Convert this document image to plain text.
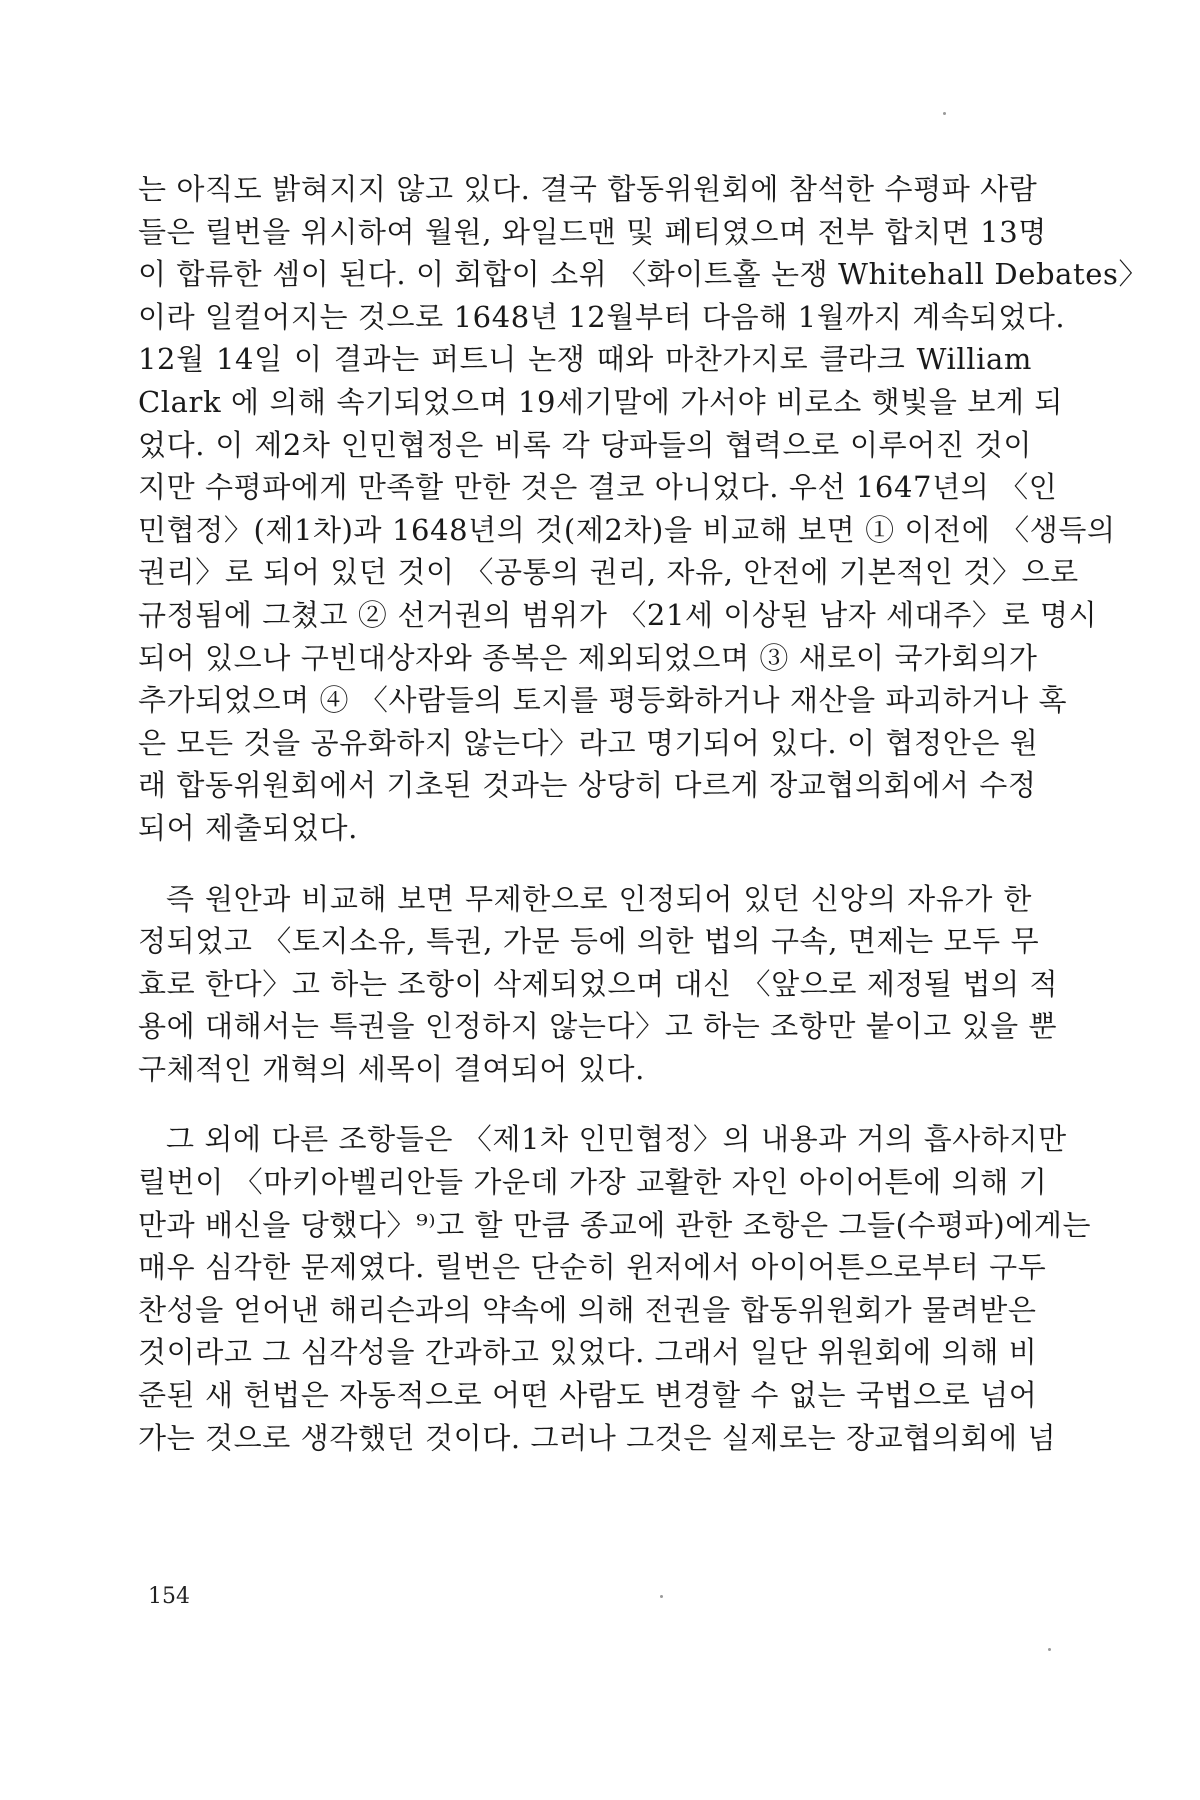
는 아직도 밝혀지지 않고 있다. 결국 합동위원회에 참석한 수평파 사람
들은 릴번을 위시하여 월원, 와일드맨 및 페티였으며 전부 합치면 13명
이 합류한 셈이 된다. 이 회합이 소위 〈화이트홀 논쟁 Whitehall Debates〉
이라 일컬어지는 것으로 1648년 12월부터 다음해 1월까지 계속되었다.
12월 14일 이 결과는 퍼트니 논쟁 때와 마찬가지로 클라크 William
Clark 에 의해 속기되었으며 19세기말에 가서야 비로소 햇빛을 보게 되
었다. 이 제2차 인민협정은 비록 각 당파들의 협력으로 이루어진 것이
지만 수평파에게 만족할 만한 것은 결코 아니었다. 우선 1647년의 〈인
민협정〉(제1차)과 1648년의 것(제2차)을 비교해 보면 ① 이전에 〈생득의
권리〉로 되어 있던 것이 〈공통의 권리, 자유, 안전에 기본적인 것〉으로
규정됨에 그쳤고 ② 선거권의 범위가 〈21세 이상된 남자 세대주〉로 명시
되어 있으나 구빈대상자와 종복은 제외되었으며 ③ 새로이 국가회의가
추가되었으며 ④ 〈사람들의 토지를 평등화하거나 재산을 파괴하거나 혹
은 모든 것을 공유화하지 않는다〉라고 명기되어 있다. 이 협정안은 원
래 합동위원회에서 기초된 것과는 상당히 다르게 장교협의회에서 수정
되어 제출되었다.
즉 원안과 비교해 보면 무제한으로 인정되어 있던 신앙의 자유가 한
정되었고 〈토지소유, 특권, 가문 등에 의한 법의 구속, 면제는 모두 무
효로 한다〉고 하는 조항이 삭제되었으며 대신 〈앞으로 제정될 법의 적
용에 대해서는 특권을 인정하지 않는다〉고 하는 조항만 붙이고 있을 뿐
구체적인 개혁의 세목이 결여되어 있다.
그 외에 다른 조항들은 〈제1차 인민협정〉의 내용과 거의 흡사하지만
릴번이 〈마키아벨리안들 가운데 가장 교활한 자인 아이어튼에 의해 기
만과 배신을 당했다〉⁹⁾고 할 만큼 종교에 관한 조항은 그들(수평파)에게는
매우 심각한 문제였다. 릴번은 단순히 윈저에서 아이어튼으로부터 구두
찬성을 얻어낸 해리슨과의 약속에 의해 전권을 합동위원회가 물려받은
것이라고 그 심각성을 간과하고 있었다. 그래서 일단 위원회에 의해 비
준된 새 헌법은 자동적으로 어떤 사람도 변경할 수 없는 국법으로 넘어
가는 것으로 생각했던 것이다. 그러나 그것은 실제로는 장교협의회에 넘
154
